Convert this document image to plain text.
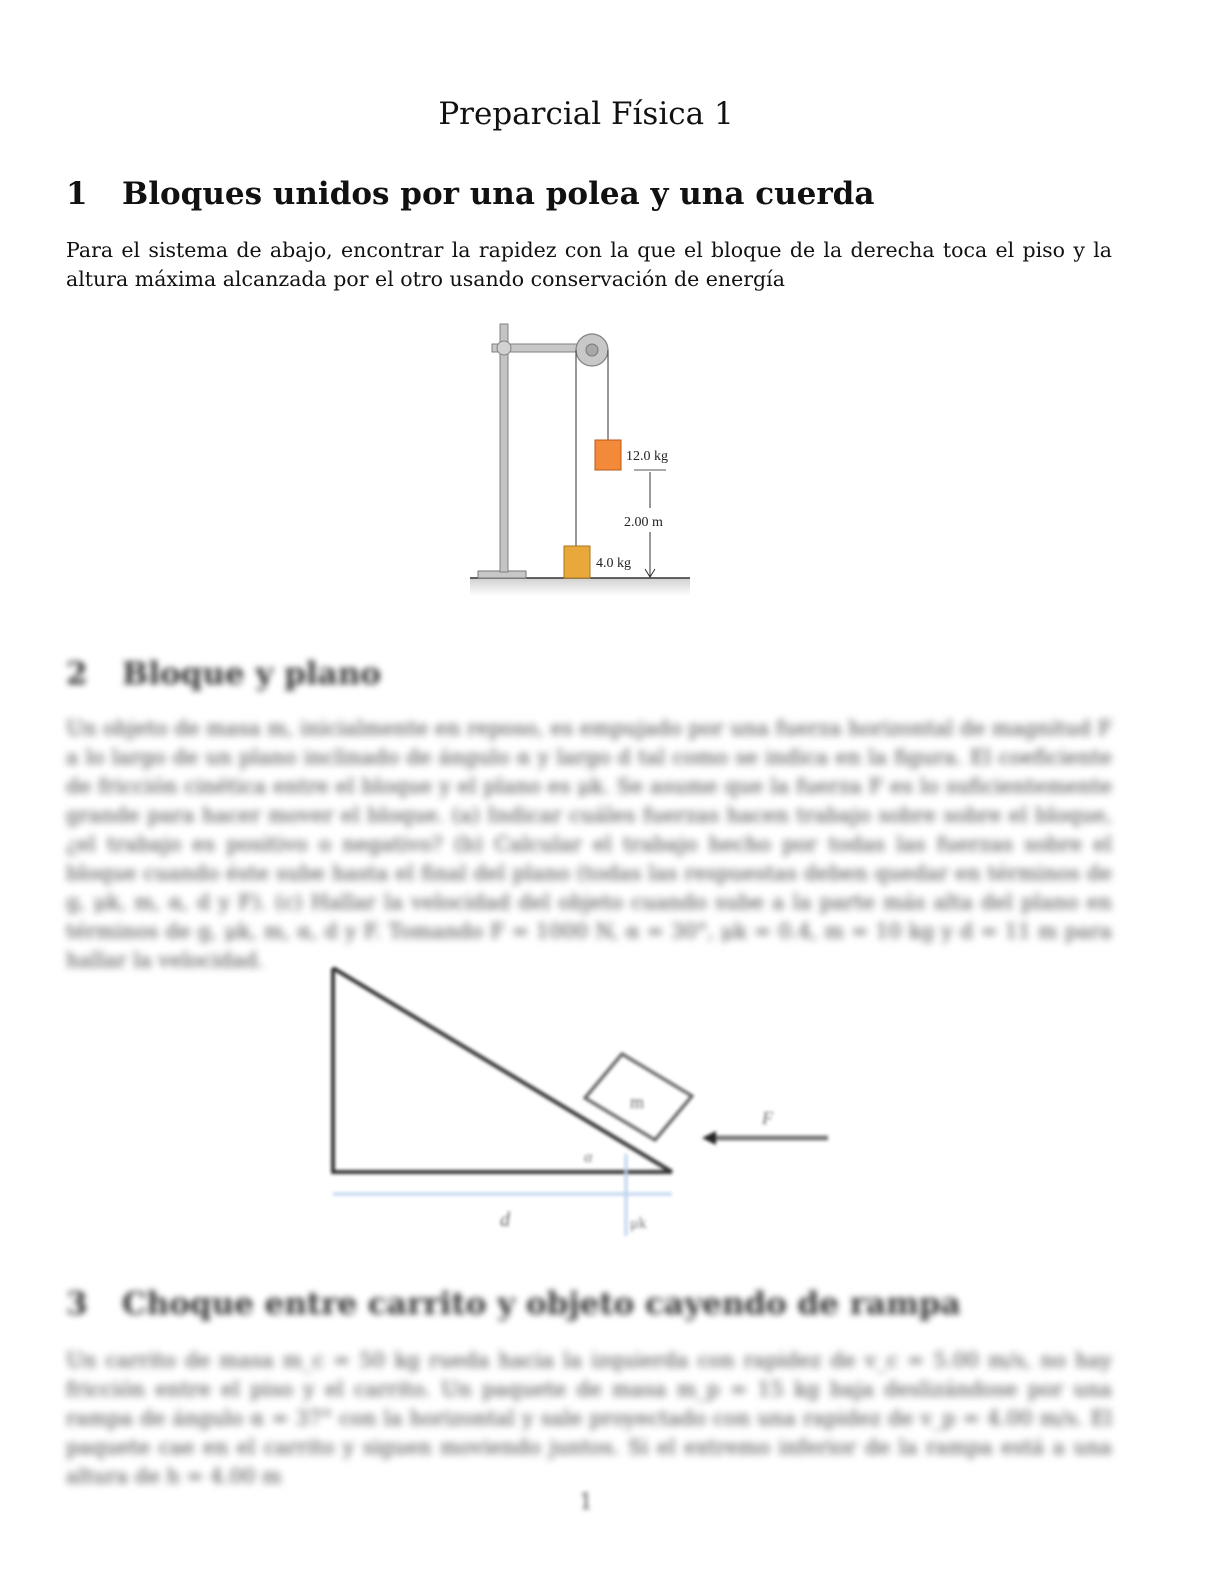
Preparcial Física 1
1 Bloques unidos por una polea y una cuerda

Para el sistema de abajo, encontrar la rapidez con la que el bloque de la derecha toca el piso y la altura máxima alcanzada por el otro usando conservación de energía

12.0 kg
4.0 kg
2.00 m
2 Bloque y plano

Un objeto de masa m, inicialmente en reposo, es empujado por una fuerza horizontal de magnitud F a lo largo de un plano inclinado de ángulo α y largo d tal como se indica en la figura. El coeficiente de fricción cinética entre el bloque y el plano es μk. Se asume que la fuerza F es lo suficientemente grande para hacer mover el bloque. (a) Indicar cuáles fuerzas hacen trabajo sobre sobre el bloque, ¿el trabajo es positivo o negativo? (b) Calcular el trabajo hecho por todas las fuerzas sobre el bloque cuando éste sube hasta el final del plano (todas las respuestas deben quedar en términos de g, μk, m, α, d y F). (c) Hallar la velocidad del objeto cuando sube a la parte más alta del plano en términos de g, μk, m, α, d y F. Tomando F = 1000 N, α = 30°, μk = 0.4, m = 10 kg y d = 11 m para hallar la velocidad.

m
F
α
d	μk
3 Choque entre carrito y objeto cayendo de rampa

Un carrito de masa m_c = 50 kg rueda hacia la izquierda con rapidez de v_c = 5.00 m/s, no hay fricción entre el piso y el carrito. Un paquete de masa m_p = 15 kg baja deslizándose por una rampa de ángulo α = 37° con la horizontal y sale proyectado con una rapidez de v_p = 4.00 m/s. El paquete cae en el carrito y siguen moviendo juntos. Si el extremo inferior de la rampa está a una altura de h = 4.00 m

1
